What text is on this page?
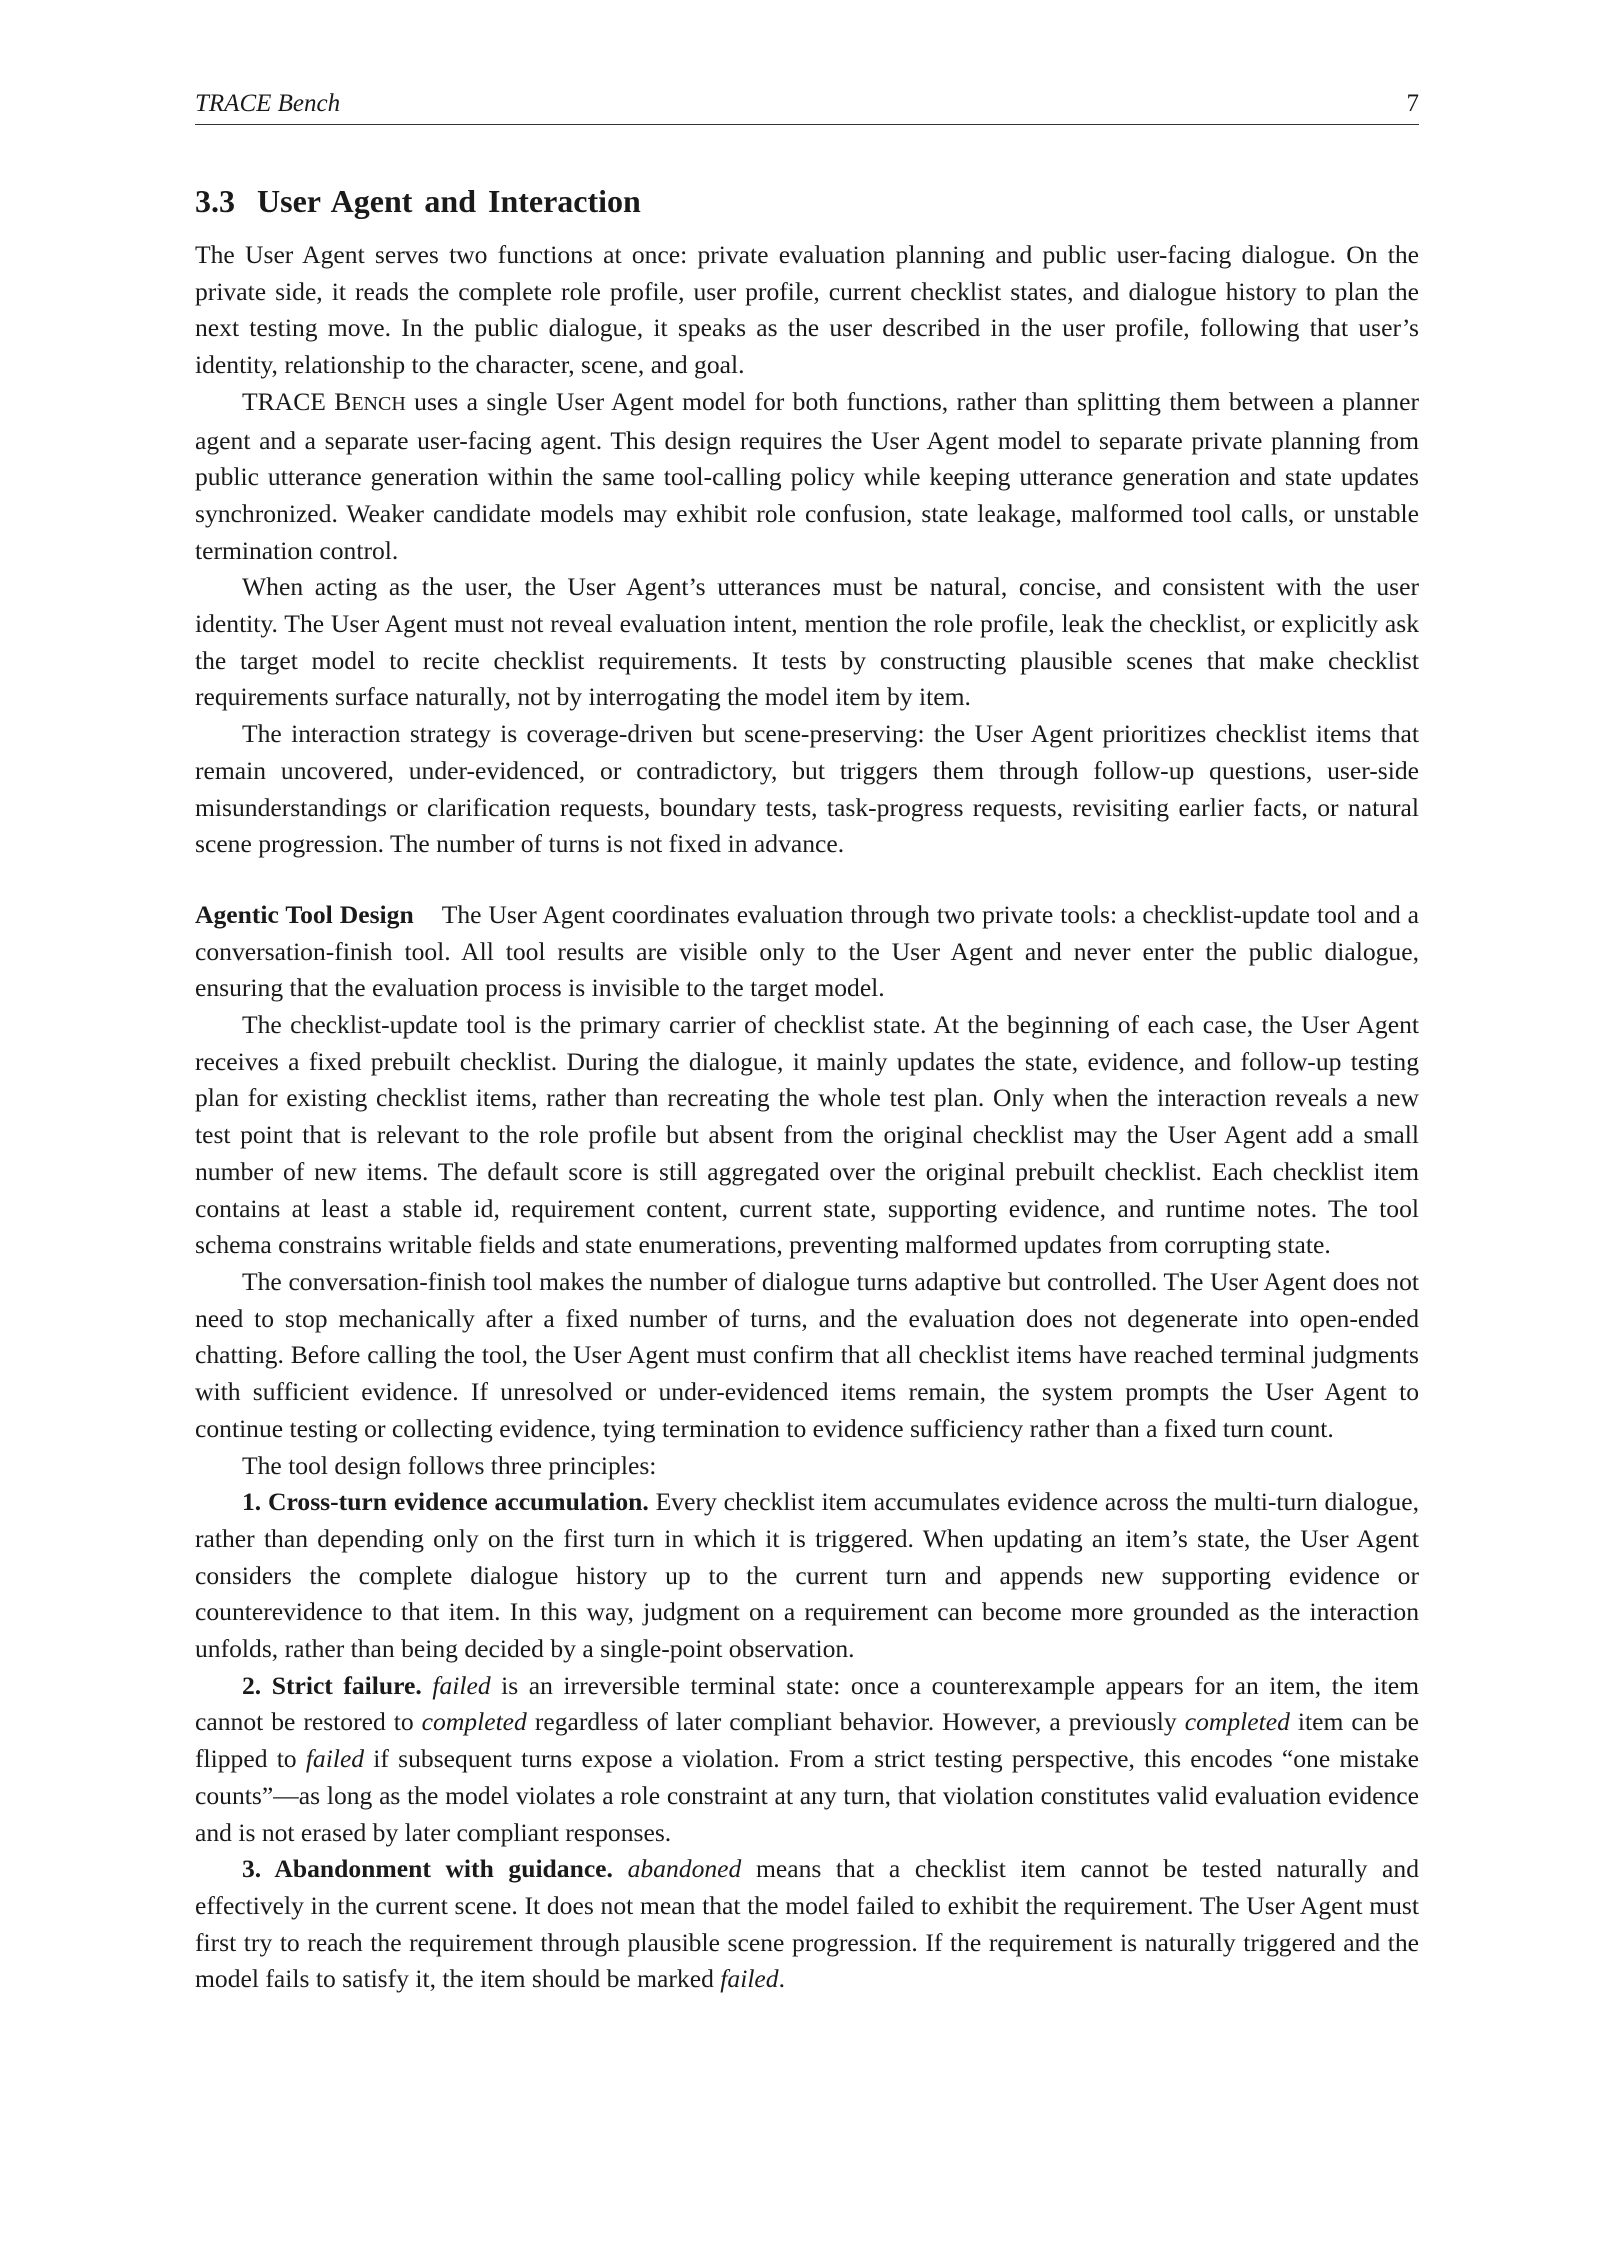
TRACE Bench	7
3.3 User Agent and Interaction

The User Agent serves two functions at once: private evaluation planning and public user-facing dialogue. On the private side, it reads the complete role profile, user profile, current checklist states, and dialogue history to plan the next testing move. In the public dialogue, it speaks as the user described in the user profile, following that user’s identity, relationship to the character, scene, and goal.

TRACE BENCH uses a single User Agent model for both functions, rather than splitting them between a planner agent and a separate user-facing agent. This design requires the User Agent model to separate private planning from public utterance generation within the same tool-calling policy while keeping utterance generation and state updates synchronized. Weaker candidate models may exhibit role confusion, state leakage, malformed tool calls, or unstable termination control.

When acting as the user, the User Agent’s utterances must be natural, concise, and consistent with the user identity. The User Agent must not reveal evaluation intent, mention the role profile, leak the checklist, or explicitly ask the target model to recite checklist requirements. It tests by constructing plausible scenes that make checklist requirements surface naturally, not by interrogating the model item by item.

The interaction strategy is coverage-driven but scene-preserving: the User Agent prioritizes checklist items that remain uncovered, under-evidenced, or contradictory, but triggers them through follow-up questions, user-side misunderstandings or clarification requests, boundary tests, task-progress requests, revisiting earlier facts, or natural scene progression. The number of turns is not fixed in advance.

Agentic Tool Design The User Agent coordinates evaluation through two private tools: a checklist-update tool and a conversation-finish tool. All tool results are visible only to the User Agent and never enter the public dialogue, ensuring that the evaluation process is invisible to the target model.

The checklist-update tool is the primary carrier of checklist state. At the beginning of each case, the User Agent receives a fixed prebuilt checklist. During the dialogue, it mainly updates the state, evidence, and follow-up testing plan for existing checklist items, rather than recreating the whole test plan. Only when the interaction reveals a new test point that is relevant to the role profile but absent from the original checklist may the User Agent add a small number of new items. The default score is still aggregated over the original prebuilt checklist. Each checklist item contains at least a stable id, requirement content, current state, supporting evidence, and runtime notes. The tool schema constrains writable fields and state enumerations, preventing malformed updates from corrupting state.

The conversation-finish tool makes the number of dialogue turns adaptive but controlled. The User Agent does not need to stop mechanically after a fixed number of turns, and the evaluation does not degenerate into open-ended chatting. Before calling the tool, the User Agent must confirm that all checklist items have reached terminal judgments with sufficient evidence. If unresolved or under-evidenced items remain, the system prompts the User Agent to continue testing or collecting evidence, tying termination to evidence sufficiency rather than a fixed turn count.

The tool design follows three principles:

1. Cross-turn evidence accumulation. Every checklist item accumulates evidence across the multi-turn dialogue, rather than depending only on the first turn in which it is triggered. When updating an item’s state, the User Agent considers the complete dialogue history up to the current turn and appends new supporting evidence or counterevidence to that item. In this way, judgment on a requirement can become more grounded as the interaction unfolds, rather than being decided by a single-point observation.

2. Strict failure. failed is an irreversible terminal state: once a counterexample appears for an item, the item cannot be restored to completed regardless of later compliant behavior. However, a previously completed item can be flipped to failed if subsequent turns expose a violation. From a strict testing perspective, this encodes “one mistake counts”—as long as the model violates a role constraint at any turn, that violation constitutes valid evaluation evidence and is not erased by later compliant responses.

3. Abandonment with guidance. abandoned means that a checklist item cannot be tested naturally and effectively in the current scene. It does not mean that the model failed to exhibit the requirement. The User Agent must first try to reach the requirement through plausible scene progression. If the requirement is naturally triggered and the model fails to satisfy it, the item should be marked failed.
